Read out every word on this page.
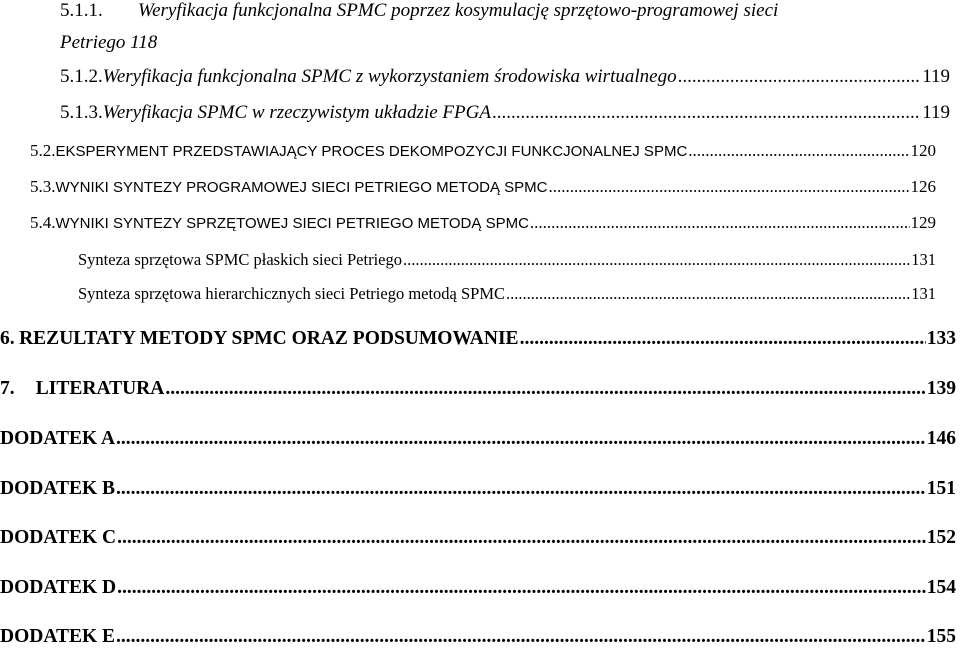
5.1.1.	Weryfikacja funkcjonalna SPMC poprzez kosymulację sprzętowo-programowej sieci
Petriego 118
5.1.2. Weryfikacja funkcjonalna SPMC z wykorzystaniem środowiska wirtualnego .....	119
5.1.3. Weryfikacja SPMC w rzeczywistym układzie FPGA .....	119
5.2. EKSPERYMENT PRZEDSTAWIAJĄCY PROCES DEKOMPOZYCJI FUNKCJONALNEJ SPMC .....	120
5.3. WYNIKI SYNTEZY PROGRAMOWEJ SIECI PETRIEGO METODĄ SPMC .....	126
5.4. WYNIKI SYNTEZY SPRZĘTOWEJ SIECI PETRIEGO METODĄ SPMC .....	129
Synteza sprzętowa SPMC płaskich sieci Petriego .....	131
Synteza sprzętowa hierarchicznych sieci Petriego metodą SPMC .....	131
6. REZULTATY METODY SPMC ORAZ PODSUMOWANIE .....	133
7.	LITERATURA .....	139
DODATEK A .....	146
DODATEK B .....	151
DODATEK C .....	152
DODATEK D .....	154
DODATEK E .....	155
